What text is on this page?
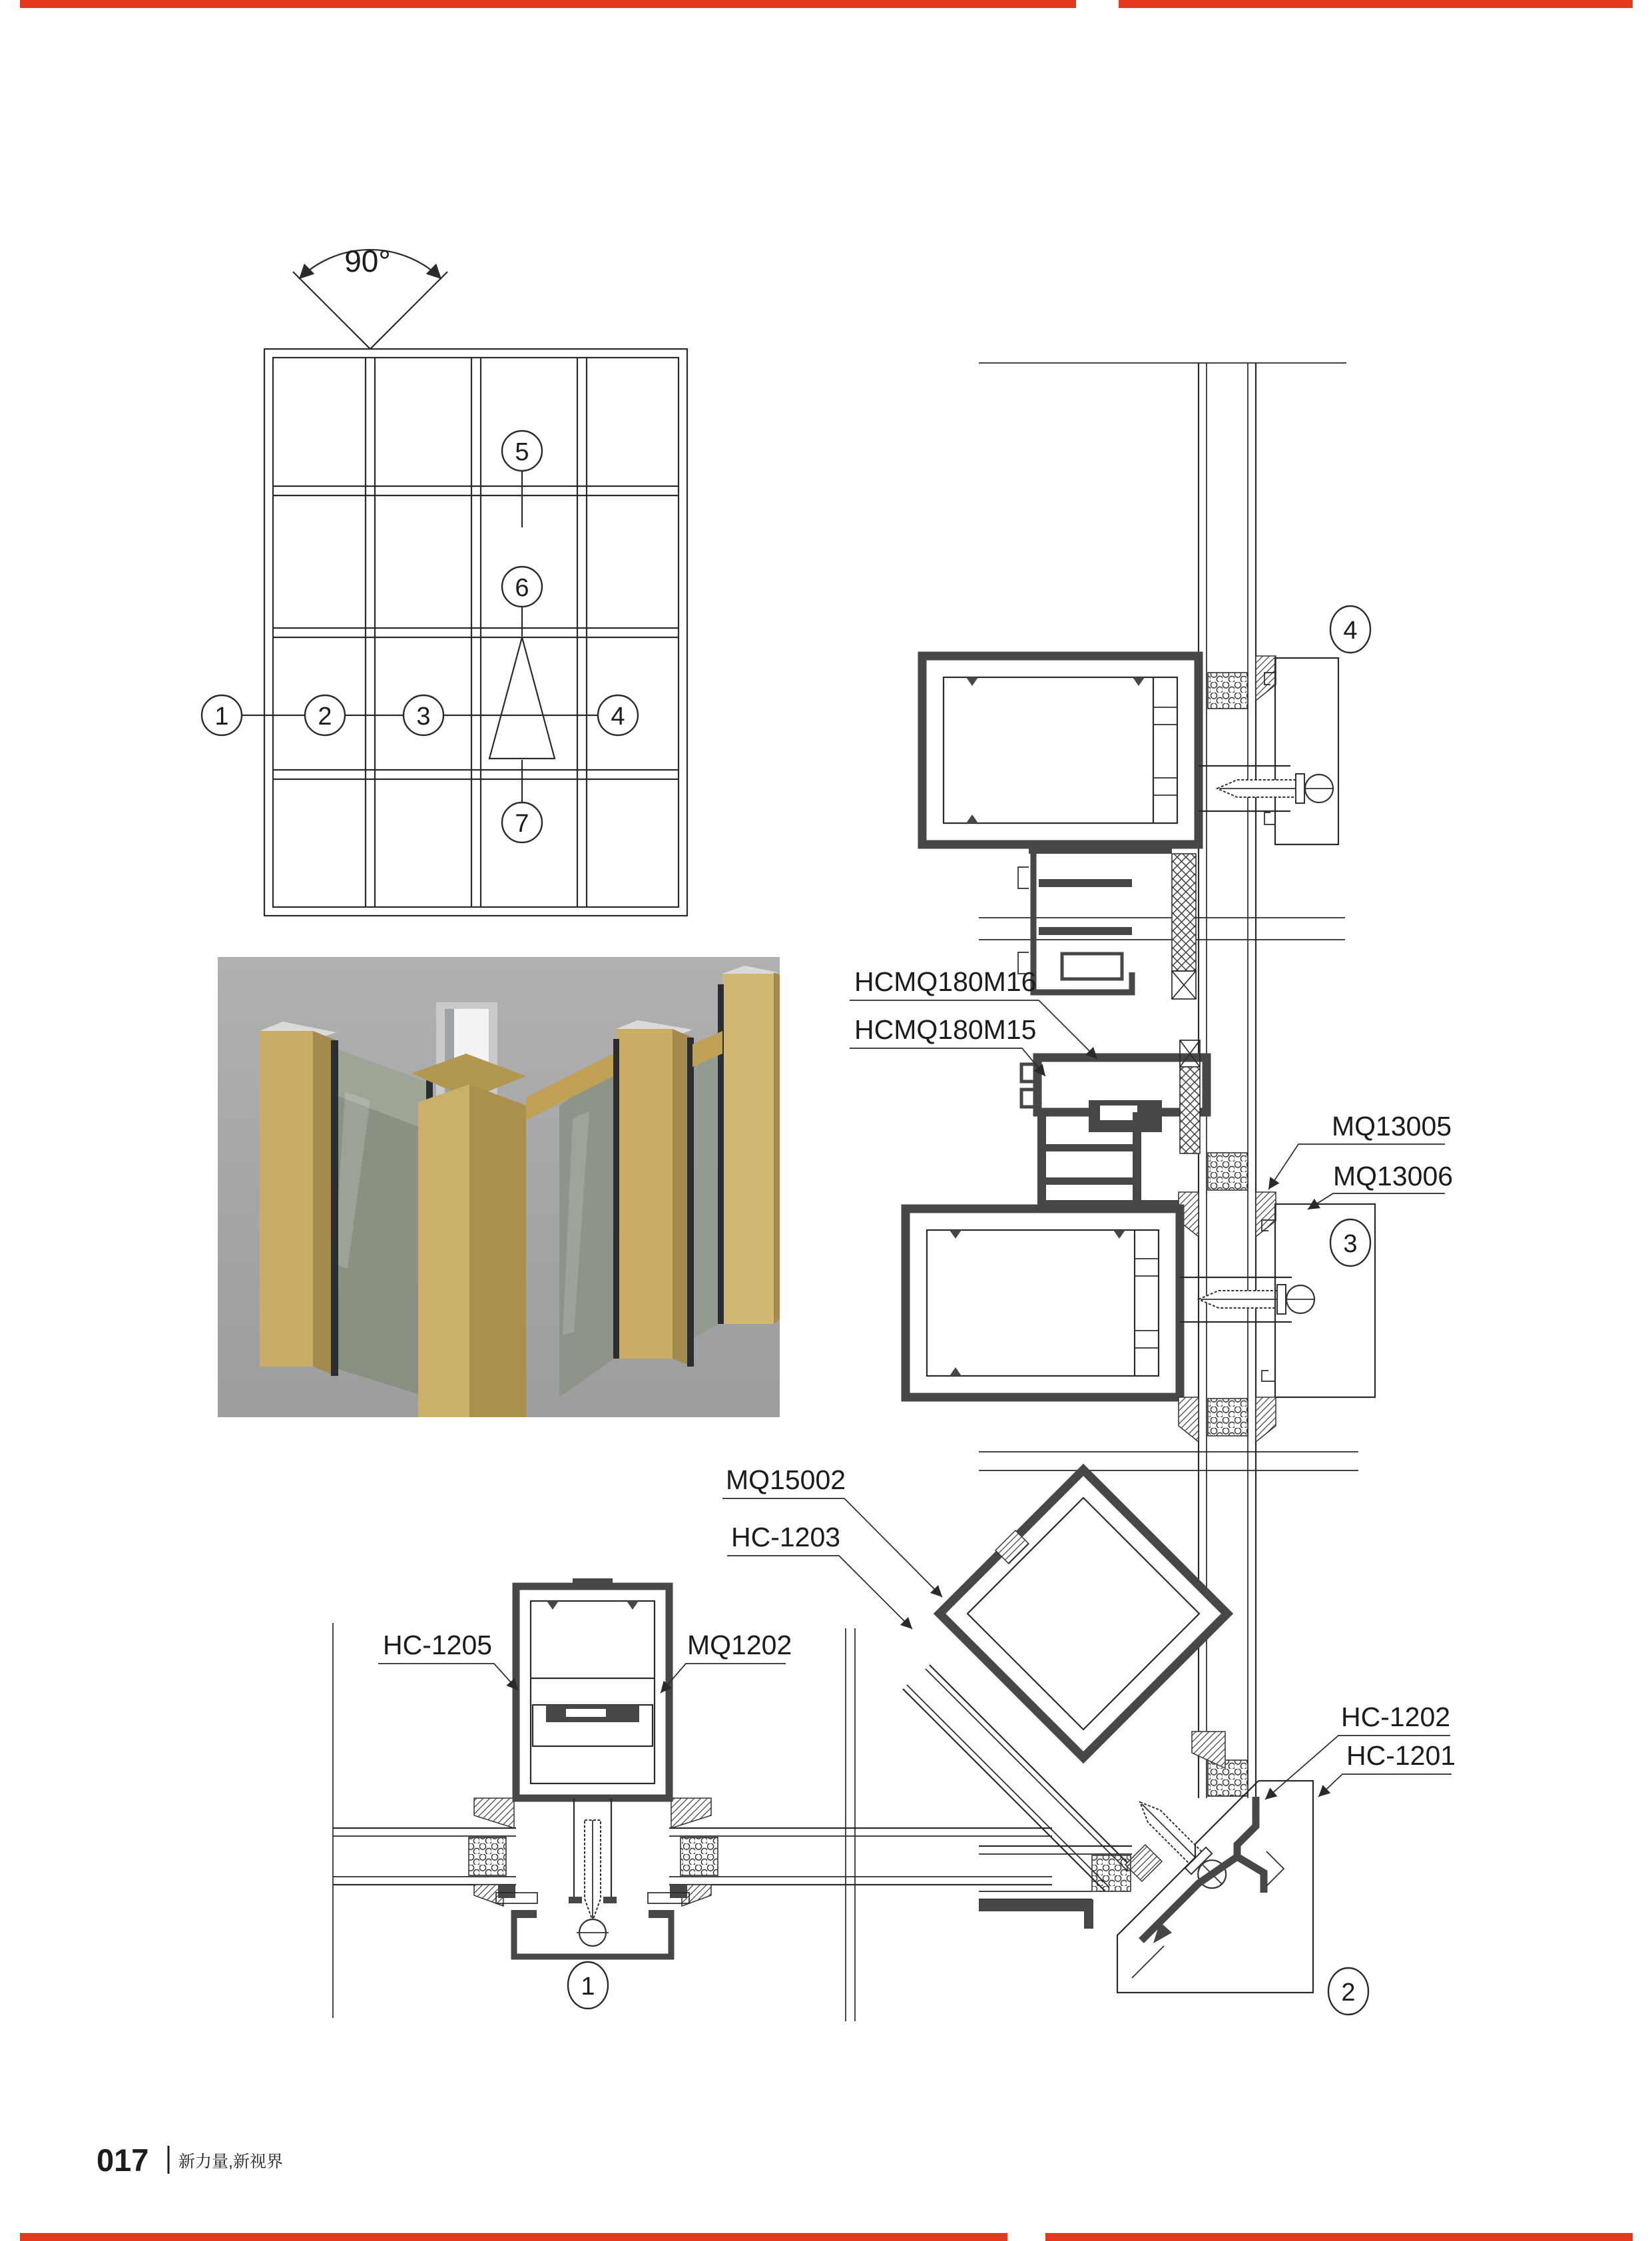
90°
1	2	3	4
5
6
7
4
3
2
1
HCMQ180M16
HCMQ180M15
MQ13005
MQ13006
MQ15002
HC-1203
HC-1205	MQ1202
HC-1202
HC-1201
017 新力量,新视界
